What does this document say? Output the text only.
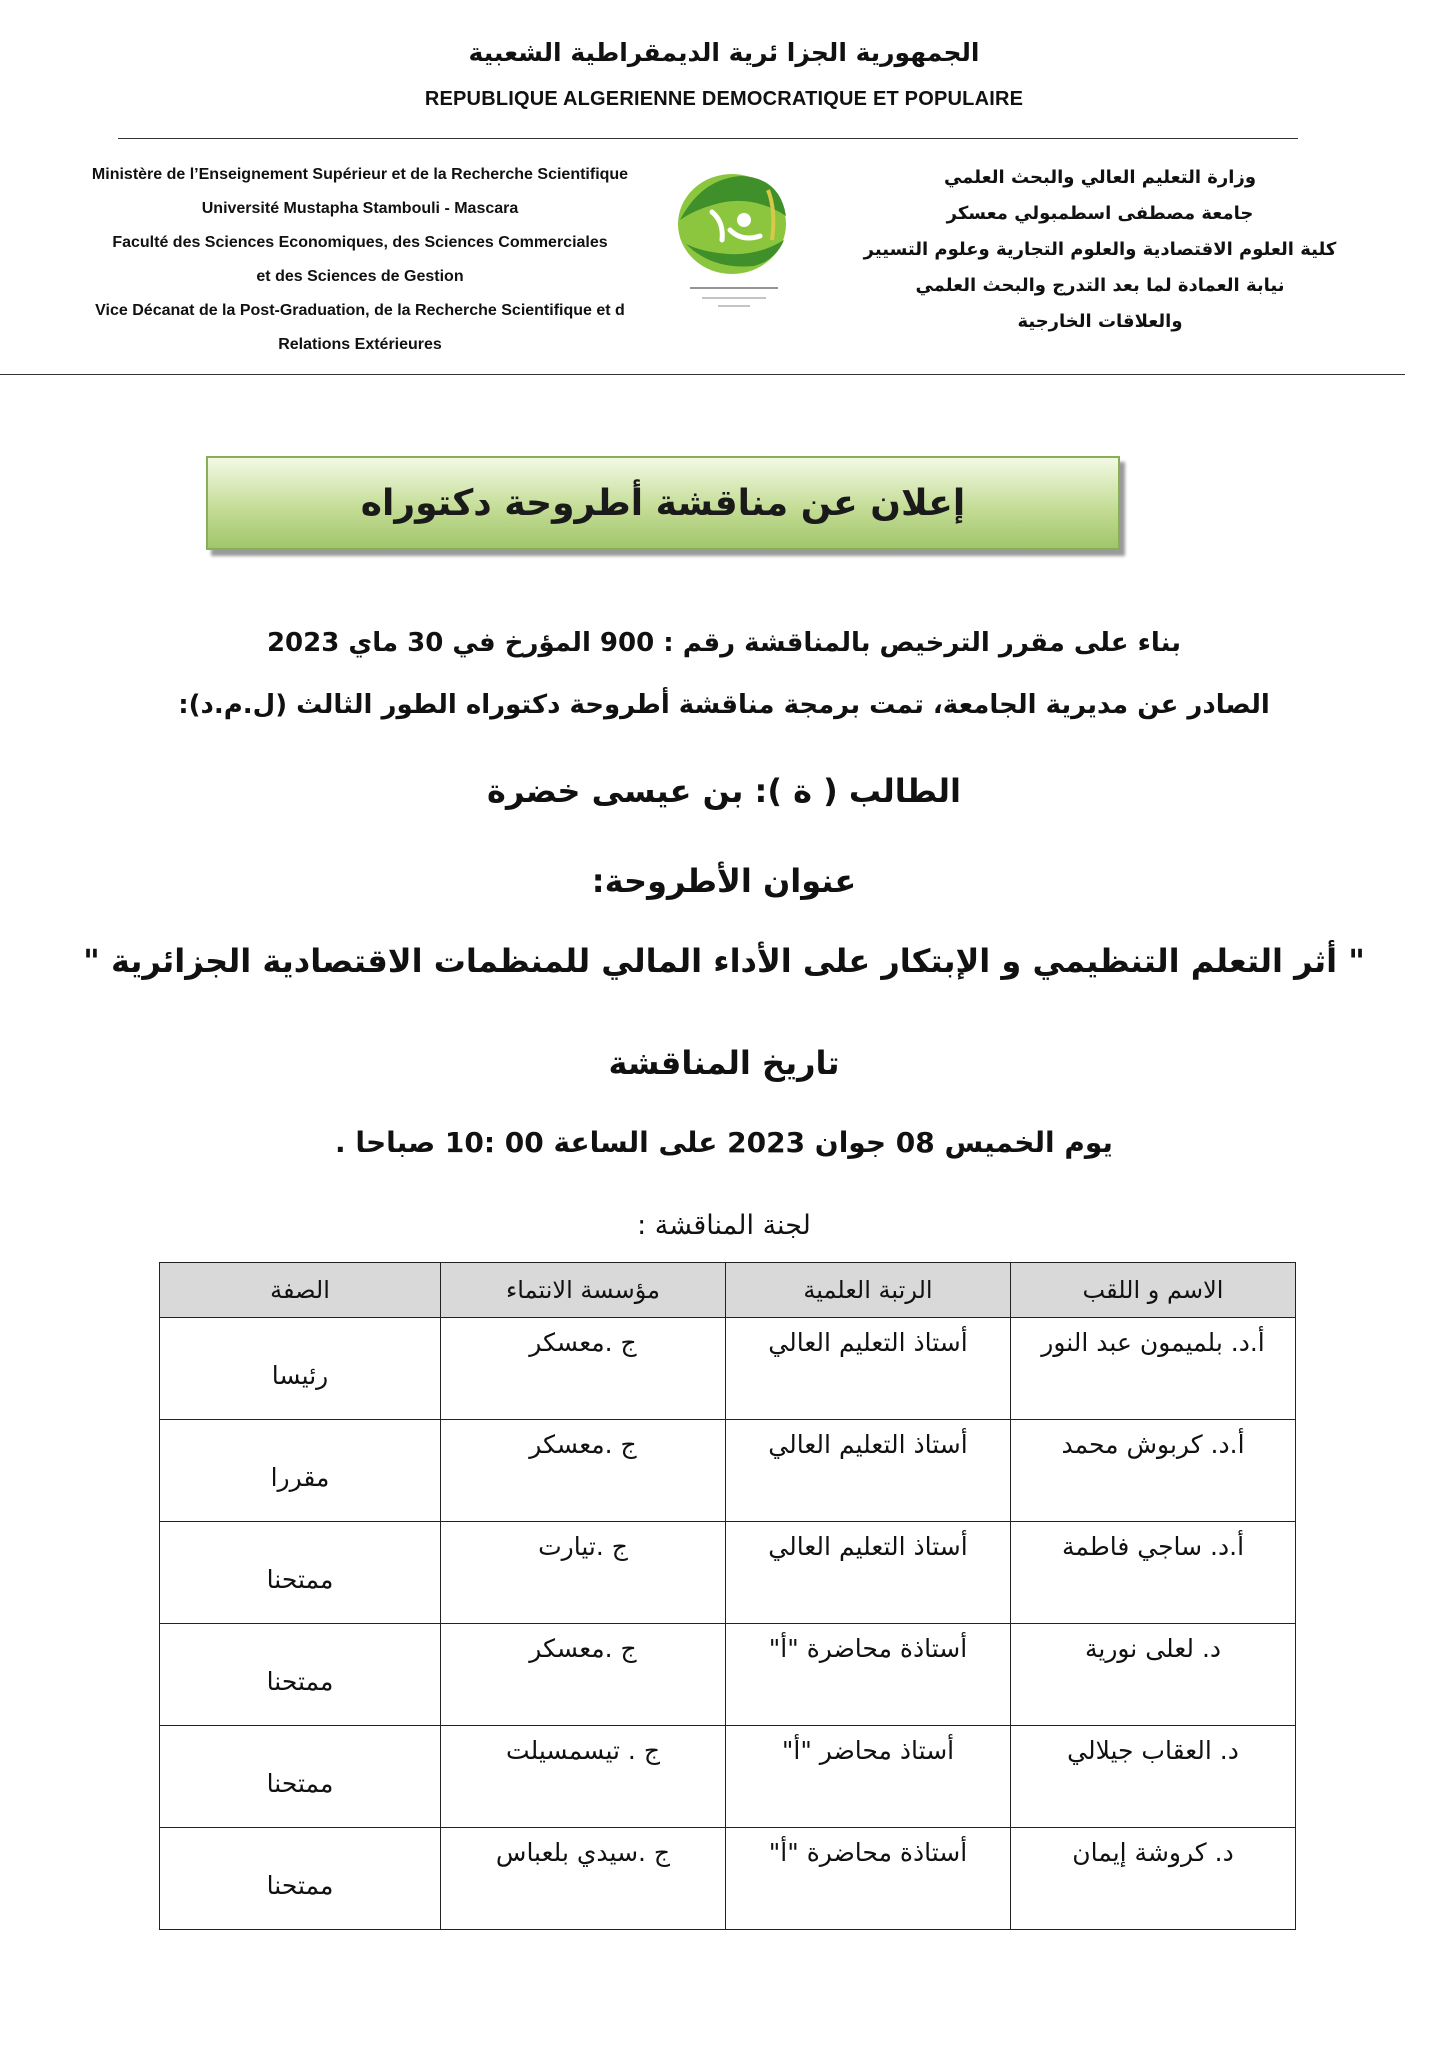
الجمهورية الجزا ئرية الديمقراطية الشعبية
REPUBLIQUE ALGERIENNE DEMOCRATIQUE ET POPULAIRE
Ministère de l’Enseignement Supérieur et de la Recherche Scientifique
Université Mustapha Stambouli - Mascara
Faculté des Sciences Economiques, des Sciences Commerciales
et des Sciences de Gestion
Vice Décanat de la Post-Graduation, de la Recherche Scientifique et d
Relations Extérieures
وزارة التعليم العالي والبحث العلمي
جامعة مصطفى اسطمبولي معسكر
كلية العلوم الاقتصادية والعلوم التجارية وعلوم التسيير
نيابة العمادة لما بعد التدرج والبحث العلمي
والعلاقات الخارجية
إعلان عن مناقشة أطروحة دكتوراه
بناء على مقرر الترخيص بالمناقشة رقم : 900 المؤرخ في 30 ماي 2023
الصادر عن مديرية الجامعة، تمت برمجة مناقشة أطروحة دكتوراه الطور الثالث (ل.م.د):
الطالب ( ة ): بن عيسى خضرة
عنوان الأطروحة:
" أثر التعلم التنظيمي و الإبتكار على الأداء المالي للمنظمات الاقتصادية الجزائرية "
تاريخ المناقشة
يوم الخميس 08 جوان 2023 على الساعة 00 :10 صباحا .
لجنة المناقشة :
الاسم و اللقب	الرتبة العلمية	مؤسسة الانتماء	الصفة
أ.د. بلميمون عبد النور	أستاذ التعليم العالي	ج .معسكر	رئيسا
أ.د. كربوش محمد	أستاذ التعليم العالي	ج .معسكر	مقررا
أ.د. ساجي فاطمة	أستاذ التعليم العالي	ج .تيارت	ممتحنا
د. لعلى نورية	أستاذة محاضرة "أ"	ج .معسكر	ممتحنا
د. العقاب جيلالي	أستاذ محاضر "أ"	ج . تيسمسيلت	ممتحنا
د. كروشة إيمان	أستاذة محاضرة "أ"	ج .سيدي بلعباس	ممتحنا
